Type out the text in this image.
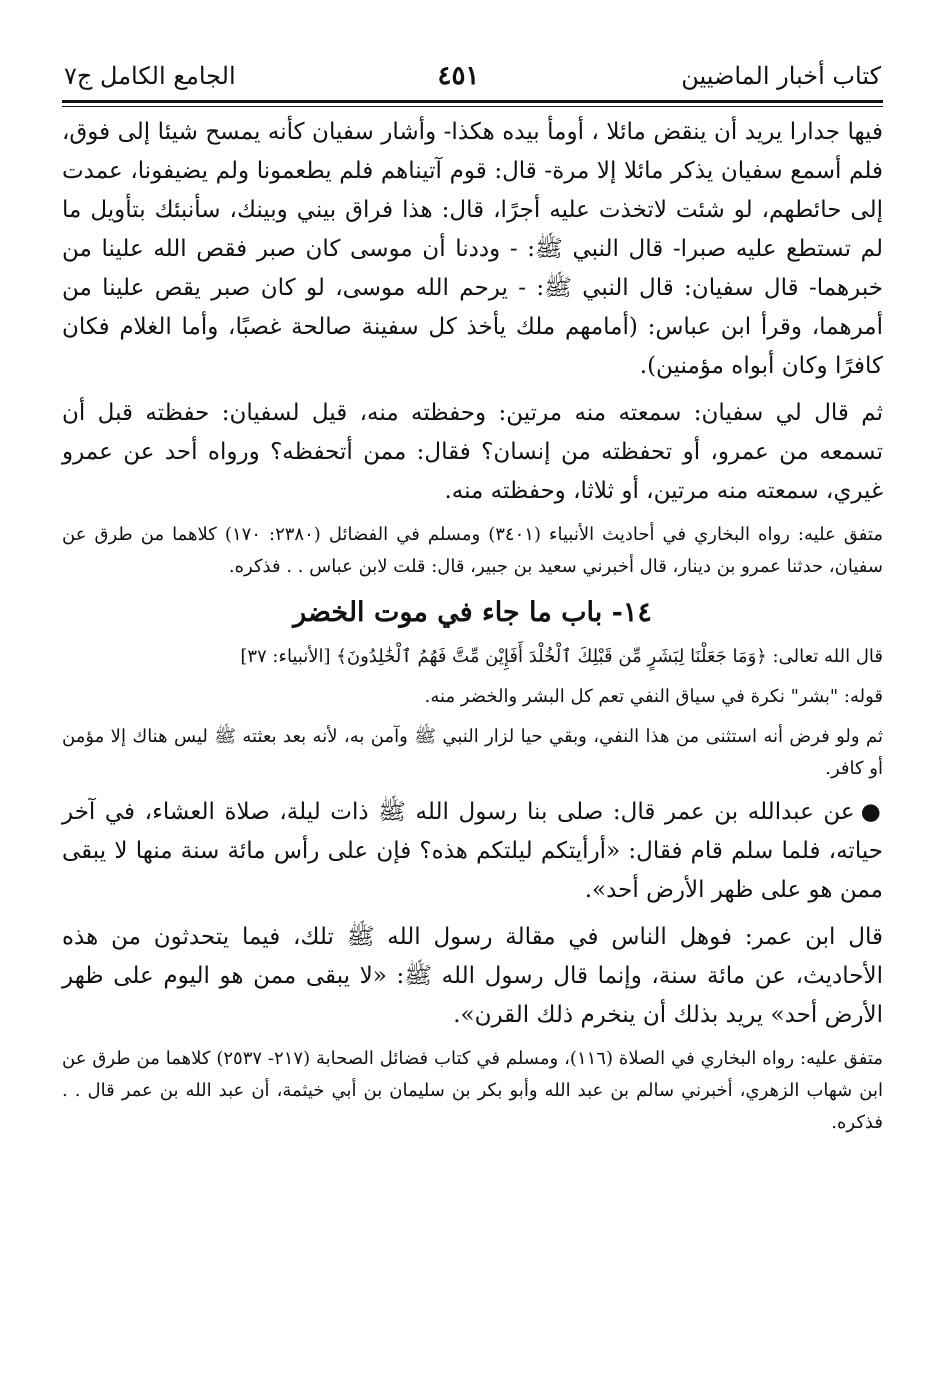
كتاب أخبار الماضيين
٤٥١
الجامع الكامل ج٧

فيها جدارا يريد أن ينقض مائلا ، أومأ بيده هكذا- وأشار سفيان كأنه يمسح شيئا إلى فوق، فلم أسمع سفيان يذكر مائلا إلا مرة- قال: قوم آتيناهم فلم يطعمونا ولم يضيفونا، عمدت إلى حائطهم، لو شئت لاتخذت عليه أجرًا، قال: هذا فراق بيني وبينك، سأنبئك بتأويل ما لم تستطع عليه صبرا- قال النبي ﷺ: - وددنا أن موسى كان صبر فقص الله علينا من خبرهما- قال سفيان: قال النبي ﷺ: - يرحم الله موسى، لو كان صبر يقص علينا من أمرهما، وقرأ ابن عباس: (أمامهم ملك يأخذ كل سفينة صالحة غصبًا، وأما الغلام فكان كافرًا وكان أبواه مؤمنين).

ثم قال لي سفيان: سمعته منه مرتين: وحفظته منه، قيل لسفيان: حفظته قبل أن تسمعه من عمرو، أو تحفظته من إنسان؟ فقال: ممن أتحفظه؟ ورواه أحد عن عمرو غيري، سمعته منه مرتين، أو ثلاثا، وحفظته منه.

متفق عليه: رواه البخاري في أحاديث الأنبياء (٣٤٠١) ومسلم في الفضائل (٢٣٨٠: ١٧٠) كلاهما من طرق عن سفيان، حدثنا عمرو بن دينار، قال أخبرني سعيد بن جبير، قال: قلت لابن عباس . . فذكره.

١٤- باب ما جاء في موت الخضر

قال الله تعالى: ﴿وَمَا جَعَلْنَا لِبَشَرٍ مِّن قَبْلِكَ ٱلْخُلْدَ أَفَإِيْن مِّتَّ فَهُمُ ٱلْخَٰلِدُونَ﴾ [الأنبياء: ٣٧]

قوله: "بشر" نكرة في سياق النفي تعم كل البشر والخضر منه.

ثم ولو فرض أنه استثنى من هذا النفي، وبقي حيا لزار النبي ﷺ وآمن به، لأنه بعد بعثته ﷺ ليس هناك إلا مؤمن أو كافر.

●عن عبدالله بن عمر قال: صلى بنا رسول الله ﷺ ذات ليلة، صلاة العشاء، في آخر حياته، فلما سلم قام فقال: «أرأيتكم ليلتكم هذه؟ فإن على رأس مائة سنة منها لا يبقى ممن هو على ظهر الأرض أحد».

قال ابن عمر: فوهل الناس في مقالة رسول الله ﷺ تلك، فيما يتحدثون من هذه الأحاديث، عن مائة سنة، وإنما قال رسول الله ﷺ: «لا يبقى ممن هو اليوم على ظهر الأرض أحد» يريد بذلك أن ينخرم ذلك القرن».

متفق عليه: رواه البخاري في الصلاة (١١٦)، ومسلم في كتاب فضائل الصحابة (٢١٧- ٢٥٣٧) كلاهما من طرق عن ابن شهاب الزهري، أخبرني سالم بن عبد الله وأبو بكر بن سليمان بن أبي خيثمة، أن عبد الله بن عمر قال . . فذكره.
